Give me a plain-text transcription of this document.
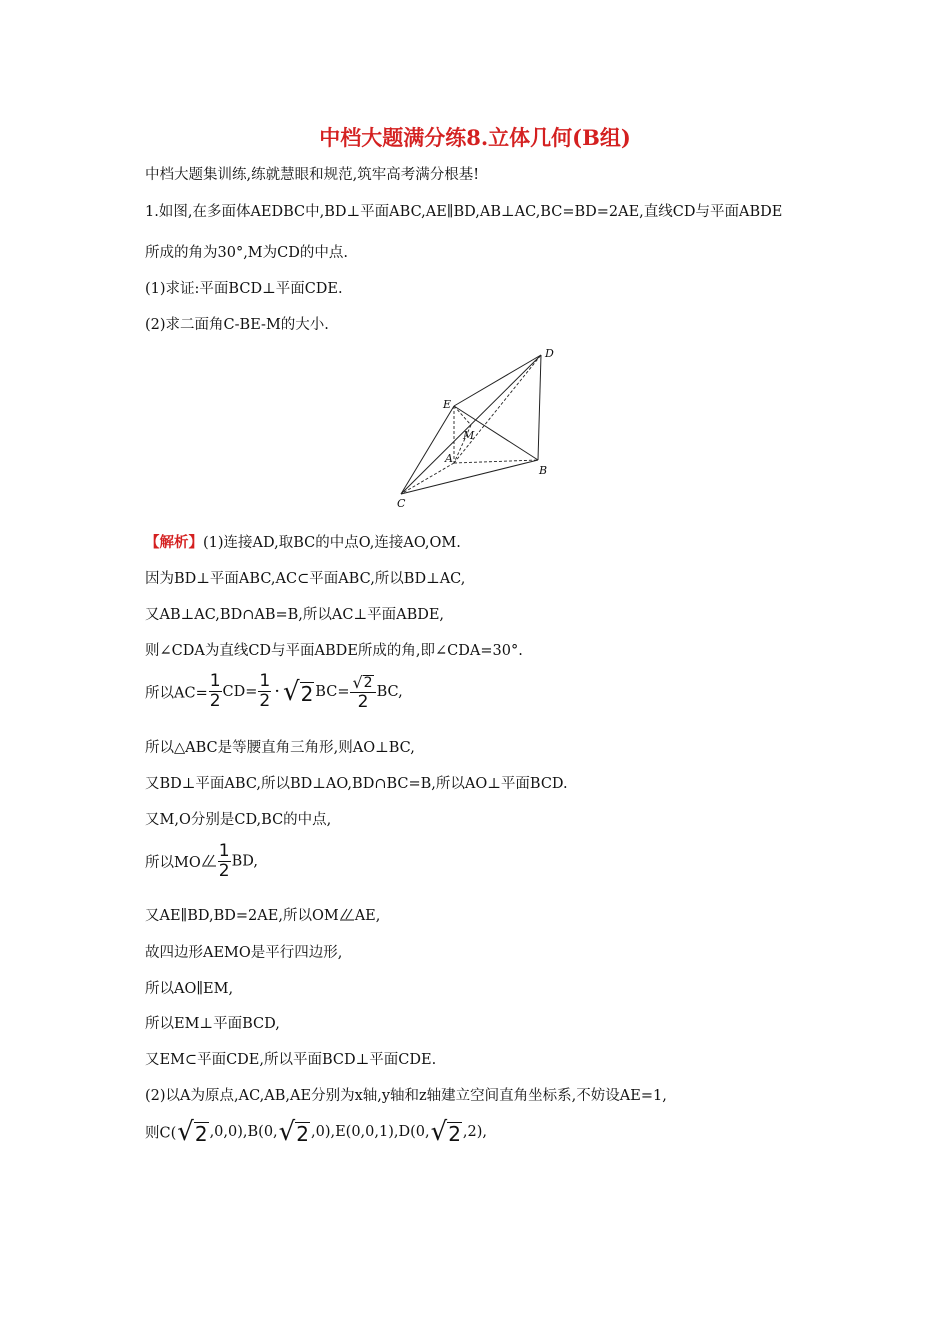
中档大题满分练8.立体几何(B组)
中档大题集训练,练就慧眼和规范,筑牢高考满分根基!
1.如图,在多面体AEDBC中,BD⊥平面ABC,AE∥BD,AB⊥AC,BC=BD=2AE,直线CD与平面ABDE
所成的角为30°,M为CD的中点.
(1)求证:平面BCD⊥平面CDE.
(2)求二面角C-BE-M的大小.
D
E
M
A
B
C
【解析】(1)连接AD,取BC的中点O,连接AO,OM.
因为BD⊥平面ABC,AC⊂平面ABC,所以BD⊥AC,
又AB⊥AC,BD∩AB=B,所以AC⊥平面ABDE,
则∠CDA为直线CD与平面ABDE所成的角,即∠CDA=30°.
所以$AC= \frac{1}{2} CD= \frac{1}{2}$ · √ 2 $BC= \frac{√ 2}{2}$ BC,
所以△ABC是等腰直角三角形,则AO⊥BC,
又BD⊥平面ABC,所以BD⊥AO,BD∩BC=B,所以AO⊥平面BCD.
又M,O分别是CD,BC的中点,
所以MO $\frac{1}{2}$ BD,
又AE∥BD,BD=2AE,所以OM AE,
故四边形AEMO是平行四边形,
所以AO∥EM,
所以EM⊥平面BCD,
又EM⊂平面CDE,所以平面BCD⊥平面CDE.
(2)以A为原点,AC,AB,AE分别为x轴,y轴和z轴建立空间直角坐标系,不妨设AE=1,
则C( √ 2 ,0,0),B(0, √ 2 ,0),E(0,0,1),D(0, √ 2 ,2),
